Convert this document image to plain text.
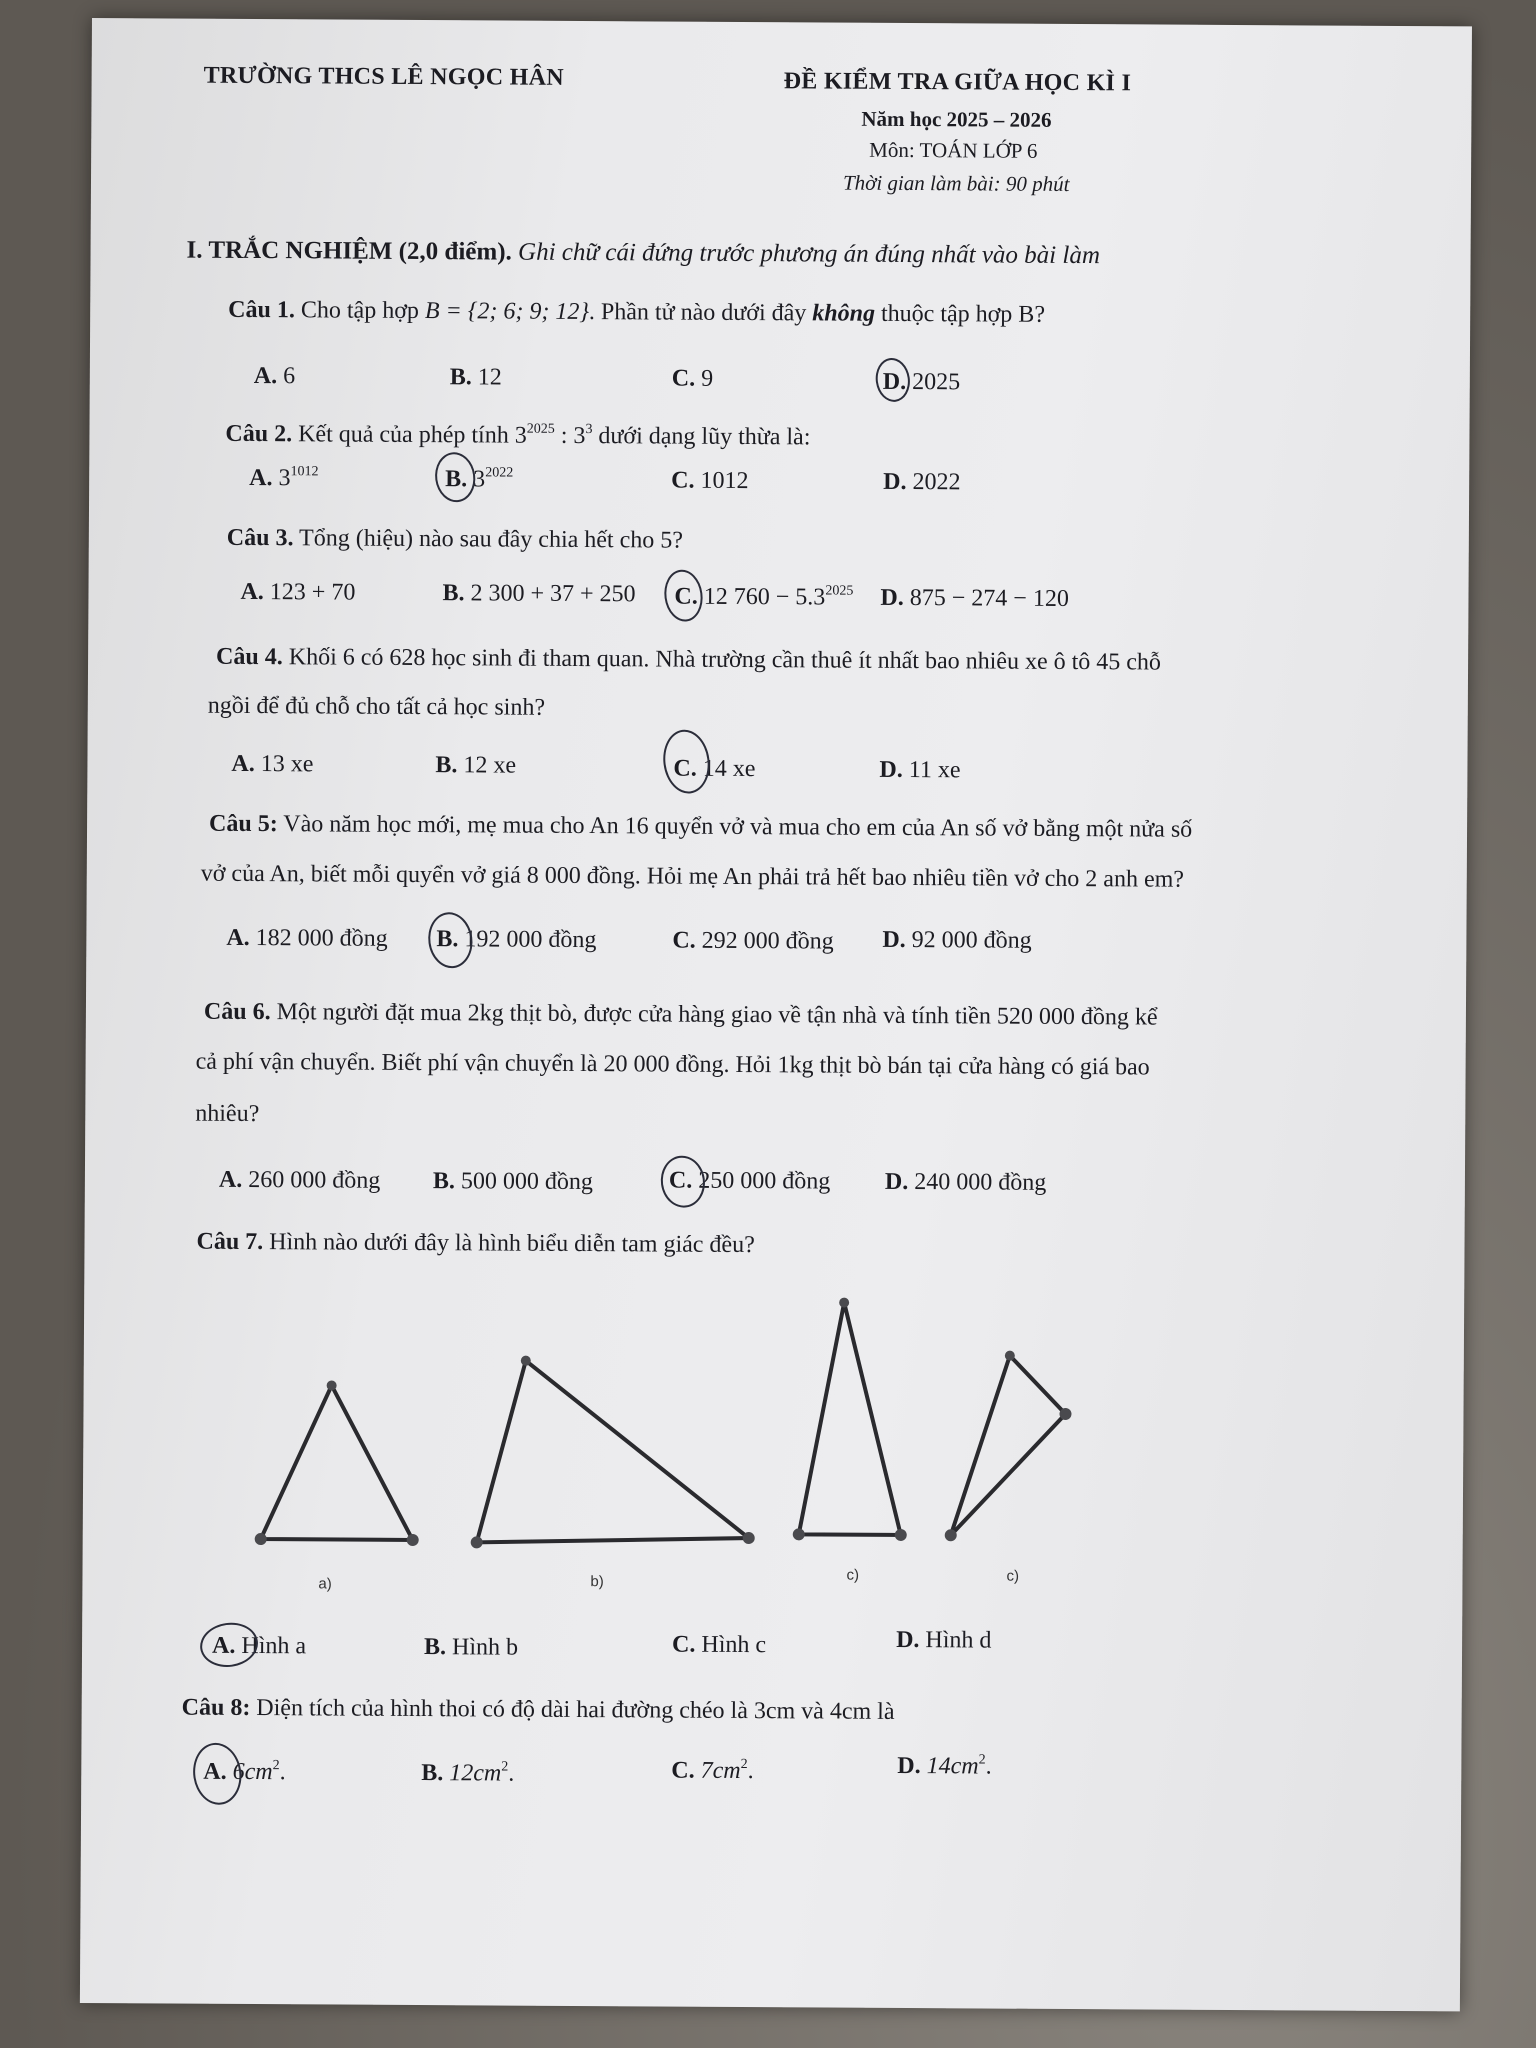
TRƯỜNG THCS LÊ NGỌC HÂN	ĐỀ KIỂM TRA GIỮA HỌC KÌ I
Năm học 2025 – 2026
Môn: TOÁN LỚP 6
Thời gian làm bài: 90 phút
I. TRẮC NGHIỆM (2,0 điểm). Ghi chữ cái đứng trước phương án đúng nhất vào bài làm
Câu 1. Cho tập hợp B = {2; 6; 9; 12}. Phần tử nào dưới đây không thuộc tập hợp B?
A. 6	B. 12	C. 9	D. 2025
Câu 2. Kết quả của phép tính $3^{2025}$ : $3^3$ dưới dạng lũy thừa là:
A. $3^{1012}$	B. $3^{2022}$	C. 1012	D. 2022
Câu 3. Tổng (hiệu) nào sau đây chia hết cho 5?
A. 123 + 70	B. 2 300 + 37 + 250 C. 12 $760 - 5.3^{2025}$ D. 875 − 274 − 120
Câu 4. Khối 6 có 628 học sinh đi tham quan. Nhà trường cần thuê ít nhất bao nhiêu xe ô tô 45 chỗ
ngồi để đủ chỗ cho tất cả học sinh?
A. 13 xe	B. 12 xe	C. 14 xe	D. 11 xe
Câu 5: Vào năm học mới, mẹ mua cho An 16 quyển vở và mua cho em của An số vở bằng một nửa số
vở của An, biết mỗi quyển vở giá 8 000 đồng. Hỏi mẹ An phải trả hết bao nhiêu tiền vở cho 2 anh em?
A. 182 000 đồng B. 192 000 đồng	C. 292 000 đồng D. 92 000 đồng
Câu 6. Một người đặt mua 2kg thịt bò, được cửa hàng giao về tận nhà và tính tiền 520 000 đồng kể
cả phí vận chuyển. Biết phí vận chuyển là 20 000 đồng. Hỏi 1kg thịt bò bán tại cửa hàng có giá bao
nhiêu?
A. 260 000 đồng B. 500 000 đồng	C. 250 000 đồng D. 240 000 đồng
Câu 7. Hình nào dưới đây là hình biểu diễn tam giác đều?
a)	b)	c)	c)
A. Hình a	B. Hình b	C. Hình c	D. Hình d
Câu 8: Diện tích của hình thoi có độ dài hai đường chéo là 3cm và 4cm là
A. $6cm^2$.	B. $12cm^2$.	C. $7cm^2$.	D. $14cm^2$.
